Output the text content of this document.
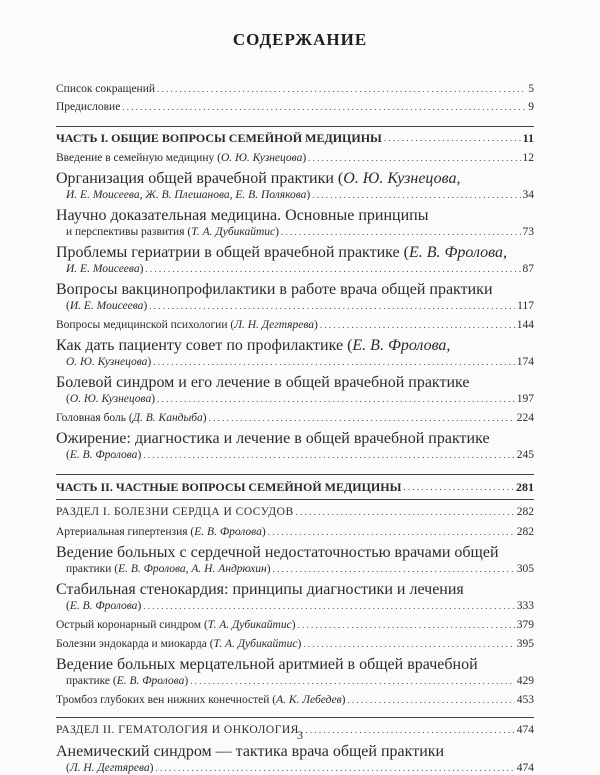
СОДЕРЖАНИЕ
Список сокращений . . .	5
Предисловие . . .	9
ЧАСТЬ I. ОБЩИЕ ВОПРОСЫ СЕМЕЙНОЙ МЕДИЦИНЫ . . .	11
Введение в семейную медицину (О. Ю. Кузнецова) . . .	12
Организация общей врачебной практики (О. Ю. Кузнецова,
И. Е. Моисеева, Ж. В. Плешанова, Е. В. Полякова) . . .	34
Научно доказательная медицина. Основные принципы
и перспективы развития (Т. А. Дубикайтис) . . .	73
Проблемы гериатрии в общей врачебной практике (Е. В. Фролова,
И. Е. Моисеева) . . .	87
Вопросы вакцинопрофилактики в работе врача общей практики
(И. Е. Моисеева) . . .	117
Вопросы медицинской психологии (Л. Н. Дегтярева) . . .	144
Как дать пациенту совет по профилактике (Е. В. Фролова,
О. Ю. Кузнецова) . . .	174
Болевой синдром и его лечение в общей врачебной практике
(О. Ю. Кузнецова) . . .	197
Головная боль (Д. В. Кандыба) . . .	224
Ожирение: диагностика и лечение в общей врачебной практике
(Е. В. Фролова) . . .	245
ЧАСТЬ II. ЧАСТНЫЕ ВОПРОСЫ СЕМЕЙНОЙ МЕДИЦИНЫ . . .	281
РАЗДЕЛ I. БОЛЕЗНИ СЕРДЦА И СОСУДОВ . . .	282
Артериальная гипертензия (Е. В. Фролова) . . .	282
Ведение больных с сердечной недостаточностью врачами общей
практики (Е. В. Фролова, А. Н. Андрюхин) . . .	305
Стабильная стенокардия: принципы диагностики и лечения
(Е. В. Фролова) . . .	333
Острый коронарный синдром (Т. А. Дубикайтис) . . .	379
Болезни эндокарда и миокарда (Т. А. Дубикайтис) . . .	395
Ведение больных мерцательной аритмией в общей врачебной
практике (Е. В. Фролова) . . .	429
Тромбоз глубоких вен нижних конечностей (А. К. Лебедев) . . .	453
РАЗДЕЛ II. ГЕМАТОЛОГИЯ И ОНКОЛОГИЯ . . .	474
Анемический синдром — тактика врача общей практики
(Л. Н. Дегтярева) . . .	474
3
